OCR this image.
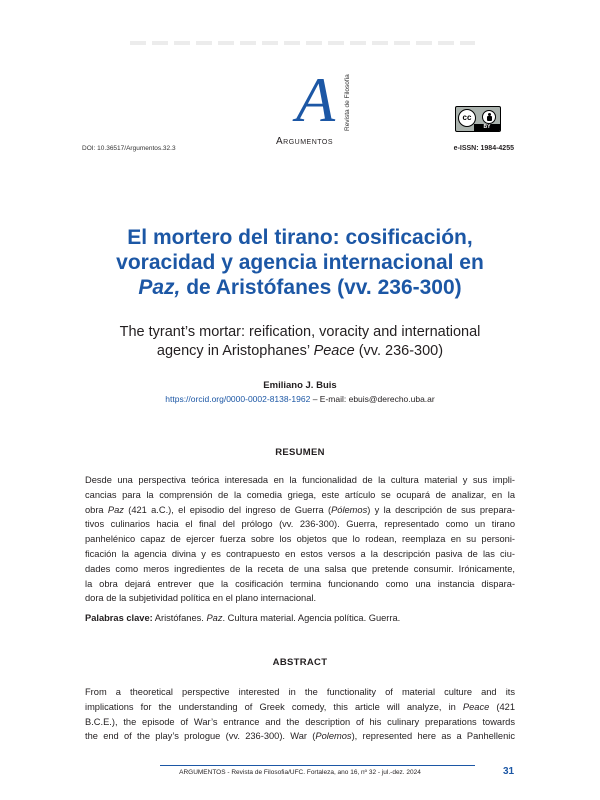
A Revista de Filosofia
Argumentos
cc
BY
DOI: 10.36517/Argumentos.32.3	e-ISSN: 1984-4255
El mortero del tirano: cosificación,
voracidad y agencia internacional en
Paz, de Aristófanes (vv. 236-300)
The tyrant’s mortar: reification, voracity and international
agency in Aristophanes’ Peace (vv. 236-300)
Emiliano J. Buis
https://orcid.org/0000-0002-8138-1962 – E-mail: ebuis@derecho.uba.ar
RESUMEN

Desde una perspectiva teórica interesada en la funcionalidad de la cultura material y sus impli-
cancias para la comprensión de la comedia griega, este artículo se ocupará de analizar, en la
obra Paz (421 a.C.), el episodio del ingreso de Guerra (Pólemos) y la descripción de sus prepara-
tivos culinarios hacia el final del prólogo (vv. 236-300). Guerra, representado como un tirano
panhelénico capaz de ejercer fuerza sobre los objetos que lo rodean, reemplaza en su personi-
ficación la agencia divina y es contrapuesto en estos versos a la descripción pasiva de las ciu-
dades como meros ingredientes de la receta de una salsa que pretende consumir. Irónicamente,
la obra dejará entrever que la cosificación termina funcionando como una instancia dispara-
dora de la subjetividad política en el plano internacional.

Palabras clave: Aristófanes. Paz. Cultura material. Agencia política. Guerra.
ABSTRACT

From a theoretical perspective interested in the functionality of material culture and its
implications for the understanding of Greek comedy, this article will analyze, in Peace (421
B.C.E.), the episode of War’s entrance and the description of his culinary preparations towards
the end of the play’s prologue (vv. 236-300). War (Polemos), represented here as a Panhellenic

ARGUMENTOS - Revista de Filosofia/UFC. Fortaleza, ano 16, nº 32 - jul.-dez. 2024	31
